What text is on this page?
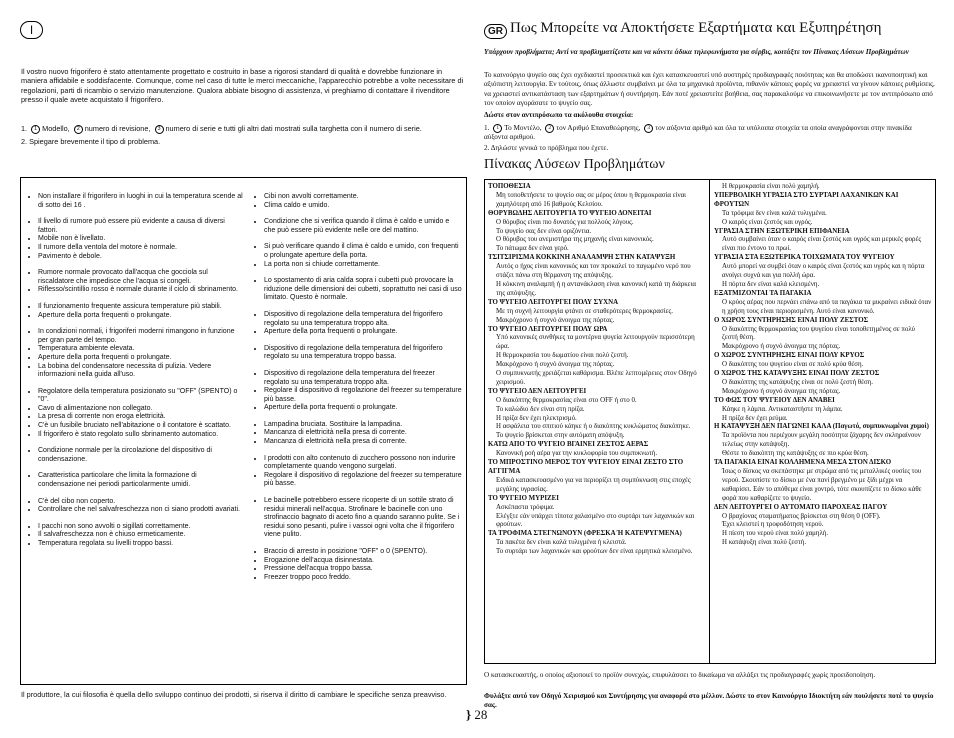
I
Il vostro nuovo frigorifero è stato attentamente progettato e costruito in base a rigorosi standard di qualità e dovrebbe funzionare in maniera affidabile e soddisfacente. Comunque, come nel caso di tutte le merci meccaniche, l'apparecchio potrebbe a volte necessitare di regolazioni, parti di ricambio o servizio manutenzione. Qualora abbiate bisogno di assistenza, vi preghiamo di contattare il rivenditore presso il quale avete acquistato il frigorifero.
1. 1 Modello, 2 numero di revisione, 3 numero di serie e tutti gli altri dati mostrati sulla targhetta con il numero di serie.
2. Spiegare brevemente il tipo di problema.
• Non installare il frigorifero in luoghi in cui la temperatura scende al di sotto dei 16 .
• Il livello di rumore può essere più evidente a causa di diversi fattori.
• Mobile non è livellato.
• Il rumore della ventola del motore è normale.
• Pavimento è debole.
• Rumore normale provocato dall'acqua che gocciola sul riscaldatore che impedisce che l'acqua si congeli.
• Riflesso/scintillio rosso è normale durante il ciclo di sbrinamento.
• Il funzionamento frequente assicura temperature più stabili.
• Aperture della porta frequenti o prolungate.
• In condizioni normali, i frigoriferi moderni rimangono in funzione per gran parte del tempo.
• Temperatura ambiente elevata.
• Aperture della porta frequenti o prolungate.
• La bobina del condensatore necessita di pulizia. Vedere informazioni nella guida all'uso.
• Regolatore della temperatura posizionato su "OFF" (SPENTO) o "0".
• Cavo di alimentazione non collegato.
• La presa di corrente non eroga elettricità.
• C'è un fusibile bruciato nell'abitazione o il contatore è scattato.
• Il frigorifero è stato regolato sullo sbrinamento automatico.
• Condizione normale per la circolazione del dispositivo di condensazione.
• Caratteristica particolare che limita la formazione di condensazione nei periodi particolarmente umidi.
• C'è del cibo non coperto.
• Controllare che nel salvafreschezza non ci siano prodotti avariati.
• I pacchi non sono avvolti o sigillati correttamente.
• Il salvafreschezza non è chiuso ermeticamente.
• Temperatura regolata su livelli troppo bassi.
• Cibi non avvolti correttamente.
• Clima caldo e umido.
• Condizione che si verifica quando il clima è caldo e umido e che può essere più evidente nelle ore del mattino.
• Si può verificare quando il clima è caldo e umido, con frequenti o prolungate aperture della porta.
• La porta non si chiude correttamente.
• Lo spostamento di aria calda sopra i cubetti può provocare la riduzione delle dimensioni dei cubetti, soprattutto nei casi di uso limitato. Questo è normale.
• Dispositivo di regolazione della temperatura del frigorifero regolato su una temperatura troppo alta.
• Aperture della porta frequenti o prolungate.
• Dispositivo di regolazione della temperatura del frigorifero regolato su una temperatura troppo bassa.
• Dispositivo di regolazione della temperatura del freezer regolato su una temperatura troppo alta.
• Regolare il dispositivo di regolazione del freezer su temperature più basse.
• Aperture della porta frequenti o prolungate.
• Lampadina bruciata. Sostituire la lampadina.
• Mancanza di elettricità nella presa di corrente.
• Mancanza di elettricità nella presa di corrente.
• I prodotti con alto contenuto di zucchero possono non indurire completamente quando vengono surgelati.
• Regolare il dispositivo di regolazione del freezer su temperature più basse.
• Le bacinelle potrebbero essere ricoperte di un sottile strato di residui minerali nell'acqua. Strofinare le bacinelle con uno strofinaccio bagnato di aceto fino a quando saranno pulite. Se i residui sono pesanti, pulire i vassoi ogni volta che il frigorifero viene pulito.
• Braccio di arresto in posizione "OFF" o 0 (SPENTO).
• Erogazione dell'acqua disinnestata.
• Pressione dell'acqua troppo bassa.
• Freezer troppo poco freddo.
Il produttore, la cui filosofia è quella dello sviluppo continuo dei prodotti, si riserva il diritto di cambiare le specifiche senza preavviso.
GR Πως Μπορείτε να Αποκτήσετε Εξαρτήματα και Εξυπηρέτηση
Υπάρχουν προβλήματα; Αντί να προβληματίζεστε και να κάνετε άδικα τηλεφωνήματα για σέρβις, κοιτάξτε τον Πίνακας Λύσεων Προβλημάτων
Το καινούργιο ψυγείο σας έχει σχεδιαστεί προσεκτικά και έχει κατασκευαστεί υπό αυστηρές προδιαγραφές ποιότητας και θα αποδώσει ικανοποιητική και αξιόπιστη λειτουργία. Εν τούτοις, όπως άλλωστε συμβαίνει με όλα τα μηχανικά προϊόντα, πιθανόν κάποιες φορές να χρειαστεί να γίνουν κάποιες ρυθμίσεις, να χρειαστεί αντικατάσταση των εξαρτημάτων ή συντήρηση. Εάν ποτέ χρειαστείτε βοήθεια, σας παρακαλούμε να επικοινωνήσετε με τον αντιπρόσωπο από τον οποίον αγοράσατε το ψυγείο σας.
Δώστε στον αντιπρόσωπο τα ακόλουθα στοιχεία:
1. 1 Το Μοντέλο, 2 τον Αριθμό Επαναθεώρησης, 3 τον αύξοντα αριθμό και όλα τα υπόλοιπα στοιχεία τα οποία αναγράφονται στην πινακίδα αύξοντα αριθμού.
2. Δηλώστε γενικά το πρόβλημα που έχετε.
Πίνακας Λύσεων Προβλημάτων
ΤΟΠΟΘΕΣΙΑ
Μη τοποθετήσετε το ψυγείο σας σε μέρος όπου η θερμοκρασία είναι χαμηλότερη από 16 βαθμούς Κελσίου.
ΘΟΡΥΒΩΔΗΣ ΛΕΙΤΟΥΡΓΙΑ ΤΟ ΨΥΓΕΙΟ ΔΟΝΕΙΤΑΙ
Ο θόρυβος είναι πιο δυνατός για πολλούς λόγους.
Το ψυγείο σας δεν είναι οριζόντια.
Ο θόρυβος του ανεμιστήρα της μηχανής είναι κανονικός.
Το πάτωμα δεν είναι γερό.
ΤΣΙΤΣΙΡΙΣΜΑ ΚΟΚΚΙΝΗ ΑΝΑΛΑΜΨΗ ΣΤΗΝ ΚΑΤΑΨΥΞΗ
Αυτός ο ήχος είναι κανονικός και τον προκαλεί το παγωμένο νερό που στάζει πάνω στη θέρμανση της απόψυξης.
Η κόκκινη αναλαμπή ή η αντανάκλαση είναι κανονική κατά τη διάρκεια της απόψυξης.
ΤΟ ΨΥΓΕΙΟ ΛΕΙΤΟΥΡΓΕΙ ΠΟΛΥ ΣΥΧΝΑ
Με τη συχνή λειτουργία φτάνει σε σταθερότερες θερμοκρασίες.
Μακρόχρονο ή συχνό άνοιγμα της πόρτας.
ΤΟ ΨΥΓΕΙΟ ΛΕΙΤΟΥΡΓΕΙ ΠΟΛΥ ΩΡΑ
Υπό κανονικές συνθήκες τα μοντέρνα ψυγεία λειτουργούν περισσότερη ώρα.
Η θερμοκρασία του δωματίου είναι πολύ ζεστή.
Μακρόχρονο ή συχνό άνοιγμα της πόρτας.
Ο συμπυκνωτής χρειάζεται καθάρισμα. Βλέπε λεπτομέρειες στον Οδηγό χειρισμού.
ΤΟ ΨΥΓΕΙΟ ΔΕΝ ΛΕΙΤΟΥΡΓΕΙ
Ο διακόπτης θερμοκρασίας είναι στο OFF ή στο 0.
Το καλώδιο δεν είναι στη πρίζα.
Η πρίζα δεν έχει ηλεκτρισμό.
Η ασφάλεια του σπιτιού κάηκε ή ο διακόπτης κυκλώματος διακόπηκε.
Το ψυγείο βρίσκεται στην αυτόματη απόψυξη.
ΚΑΤΩ ΑΠΟ ΤΟ ΨΥΓΕΙΟ ΒΓΑΙΝΕΙ ΖΕΣΤΟΣ ΑΕΡΑΣ
Κανονική ροή αέρα για την κυκλοφορία του συμπυκνωτή.
ΤΟ ΜΠΡΟΣΤΙΝΟ ΜΕΡΟΣ ΤΟΥ ΨΥΓΕΙΟΥ ΕΙΝΑΙ ΖΕΣΤΟ ΣΤΟ ΑΓΓΙΓΜΑ
Ειδικά κατασκευασμένο για να περιορίζει τη συμπύκνωση στις εποχές μεγάλης υγρασίας.
ΤΟ ΨΥΓΕΙΟ ΜΥΡΙΖΕΙ
Ασκέπαστα τρόφιμα.
Ελέγξτε εάν υπάρχει τίποτα χαλασμένο στο συρτάρι των λαχανικών και φρούτων.
ΤΑ ΤΡΟΦΙΜΑ ΣΤΕΓΝΩΝΟΥΝ (ΦΡΕΣΚΑ Ή ΚΑΤΕΨΥΓΜΕΝΑ)
Τα πακέτα δεν είναι καλά τυλιγμένα ή κλειστά.
Το συρτάρι των λαχανικών και φρούτων δεν είναι ερμητικά κλεισμένο.
Η θερμοκρασία είναι πολύ χαμηλή.
ΥΠΕΡΒΟΛΙΚΗ ΥΓΡΑΣΙΑ ΣΤΟ ΣΥΡΤΑΡΙ ΛΑΧΑΝΙΚΩΝ ΚΑΙ ΦΡΟΥΤΩΝ
Τα τρόφιμα δεν είναι καλά τυλιγμένα.
Ο καιρός είναι ζεστός και υγρός.
ΥΓΡΑΣΙΑ ΣΤΗΝ ΕΞΩΤΕΡΙΚΗ ΕΠΙΦΑΝΕΙΑ
Αυτό συμβαίνει όταν ο καιρός είναι ζεστός και υγρός και μερικές φορές είναι πιο έντονο το πρωί.
ΥΓΡΑΣΙΑ ΣΤΑ ΕΞΩΤΕΡΙΚΑ ΤΟΙΧΩΜΑΤΑ ΤΟΥ ΨΥΓΕΙΟΥ
Αυτό μπορεί να συμβεί όταν ο καιρός είναι ζεστός και υγρός και η πόρτα ανοίγει συχνά και για πολλή ώρα.
Η πόρτα δεν είναι καλά κλεισμένη.
ΕΞΑΤΜΙΖΟΝΤΑΙ ΤΑ ΠΑΓΑΚΙΑ
Ο κρύος αέρας που περνάει επάνω από τα παγάκια τα μικραίνει ειδικά όταν η χρήση τους είναι περιορισμένη. Αυτό είναι κανονικό.
Ο ΧΩΡΟΣ ΣΥΝΤΗΡΗΣΗΣ ΕΙΝΑΙ ΠΟΛΥ ΖΕΣΤΟΣ
Ο διακόπτης θερμοκρασίας του ψυγείου είναι τοποθετημένος σε πολύ ζεστή θέση.
Μακρόχρονο ή συχνό άνοιγμα της πόρτας.
Ο ΧΩΡΟΣ ΣΥΝΤΗΡΗΣΗΣ ΕΙΝΑΙ ΠΟΛΥ ΚΡΥΟΣ
Ο διακόπτης του ψυγείου είναι σε πολύ κρύα θέση.
Ο ΧΩΡΟΣ ΤΗΣ ΚΑΤΑΨΥΞΗΣ ΕΙΝΑΙ ΠΟΛΥ ΖΕΣΤΟΣ
Ο διακόπτης της κατάψυξης είναι σε πολύ ζεστή θέση.
Μακρόχρονο ή συχνό άνοιγμα της πόρτας.
ΤΟ ΦΩΣ ΤΟΥ ΨΥΓΕΙΟΥ ΔΕΝ ΑΝΑΒΕΙ
Κάηκε η λάμπα. Αντικαταστήστε τη λάμπα.
Η πρίζα δεν έχει ρεύμα.
Η ΚΑΤΑΨΥΞΗ ΔΕΝ ΠΑΓΩΝΕΙ ΚΑΛΑ (Παγωτό, συμπυκνωμένοι χυμοί)
Τα προϊόντα που περιέχουν μεγάλη ποσότητα ζάχαρης δεν σκληραίνουν τελείως στην κατάψυξη.
Θέστε το διακόπτη της κατάψυξης σε πιο κρύα θέση.
ΤΑ ΠΑΓΑΚΙΑ ΕΙΝΑΙ ΚΟΛΛΗΜΕΝΑ ΜΕΣΑ ΣΤΟΝ ΔΙΣΚΟ
Ίσως ο δίσκος να σκεπάστηκε με στρώμα από τις μεταλλικές ουσίες του νερού. Σκουπίστε το δίσκο με ένα πανί βρεγμένο με ξίδι μέχρι να καθαρίσει. Εάν το απόθεμα είναι χοντρό, τότε σκουπίζετε το δίσκο κάθε φορά που καθαρίζετε το ψυγείο.
ΔΕΝ ΛΕΙΤΟΥΡΓΕΙ Ο ΑΥΤΟΜΑΤΟ ΠΑΡΟΧΕΑΣ ΠΑΓΟΥ
Ο βραχίονας σταματήματος βρίσκεται στη θέση 0 (OFF).
Έχει κλειστεί η τροφοδότηση νερού.
Η πίεση του νερού είναι πολύ χαμηλή.
Η κατάψυξη είναι πολύ ζεστή.
Ο κατασκευαστής, ο οποίος αξιοποιεί το προϊόν συνεχώς, επιφυλάσσει το δικαίωμα να αλλάξει τις προδιαγραφές χωρίς προειδοποίηση.
Φυλάξτε αυτό τον Οδηγό Χειρισμού και Συντήρησης για αναφορά στο μέλλον. Δώστε το στον Καινούργιο Ιδιοκτήτη εάν πουλήσετε ποτέ το ψυγείο σας.
} 28
